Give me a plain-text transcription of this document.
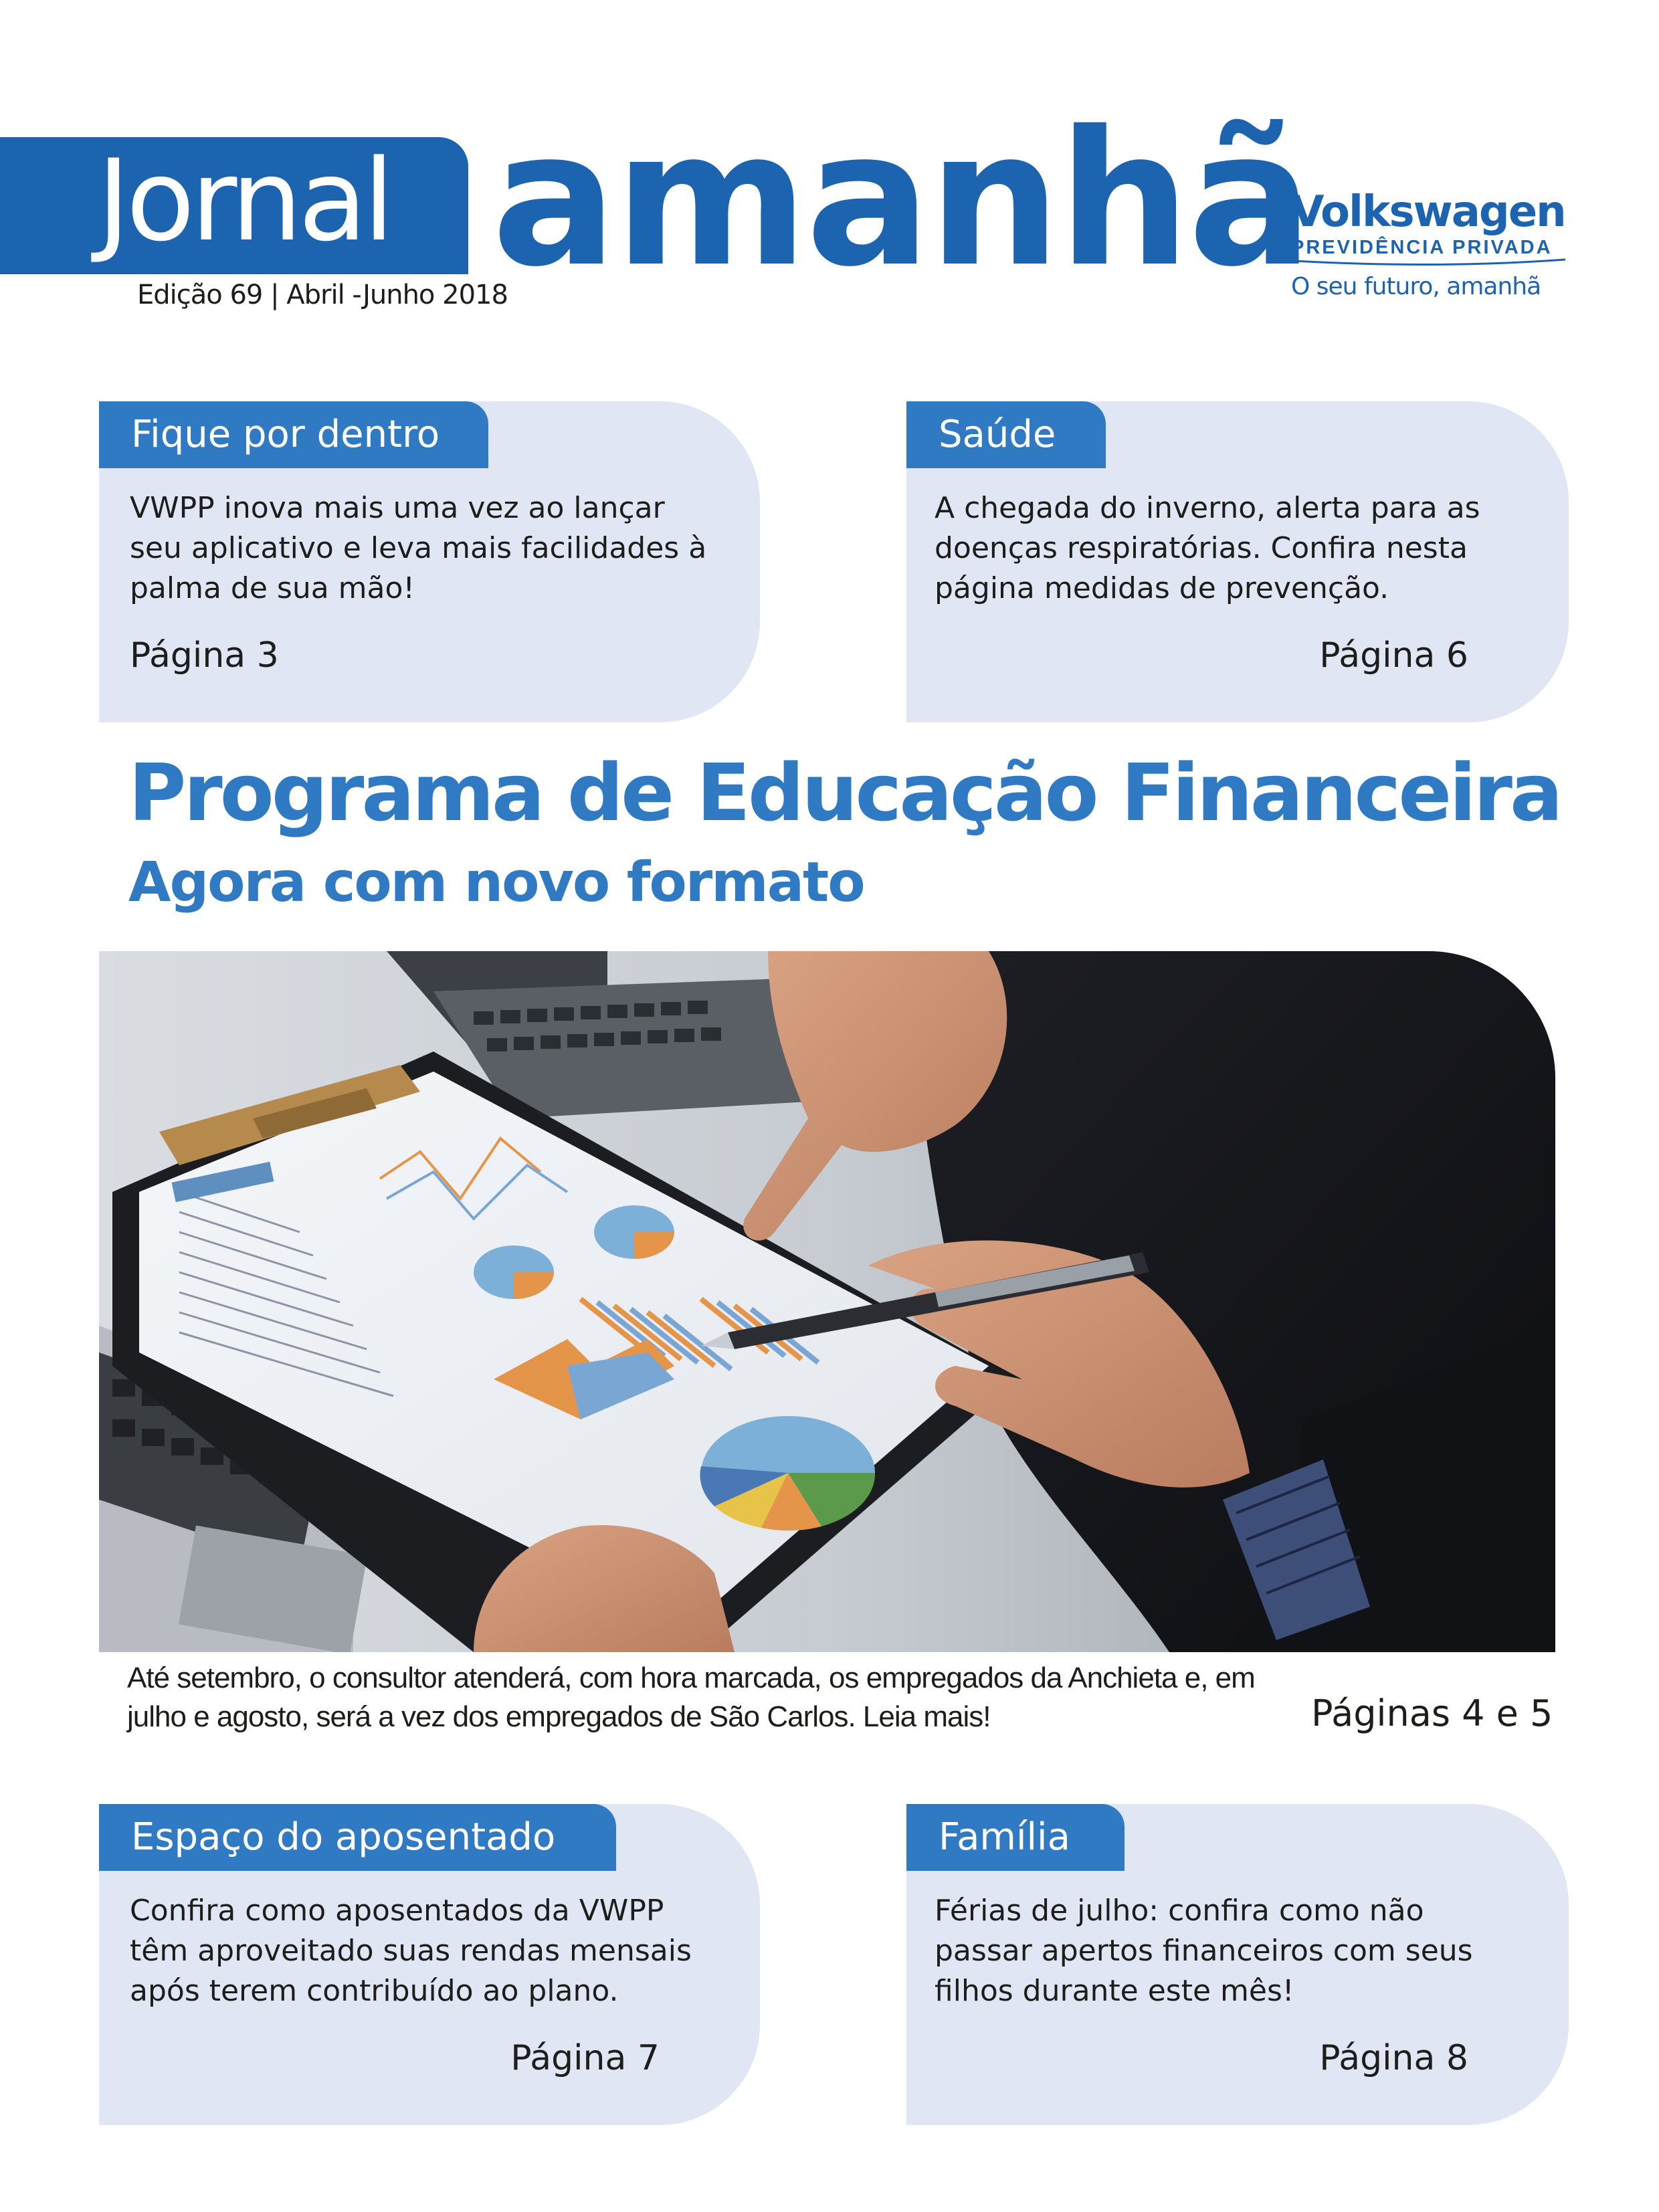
Jornal
Edição 69 | Abril -Junho 2018
amanhã
Volkswagen
PREVIDÊNCIA PRIVADA
O seu futuro, amanhã
Fique por dentro
VWPP inova mais uma vez ao lançar seu aplicativo e leva mais facilidades à palma de sua mão!
Página 3
Saúde
A chegada do inverno, alerta para as doenças respiratórias. Confira nesta página medidas de prevenção.
Página 6
Programa de Educação Financeira
Agora com novo formato
Até setembro, o consultor atenderá, com hora marcada, os empregados da Anchieta e, em julho e agosto, será a vez dos empregados de São Carlos. Leia mais!	Páginas 4 e 5
Espaço do aposentado
Confira como aposentados da VWPP têm aproveitado suas rendas mensais após terem contribuído ao plano.
Página 7
Família
Férias de julho: confira como não passar apertos financeiros com seus filhos durante este mês!
Página 8
